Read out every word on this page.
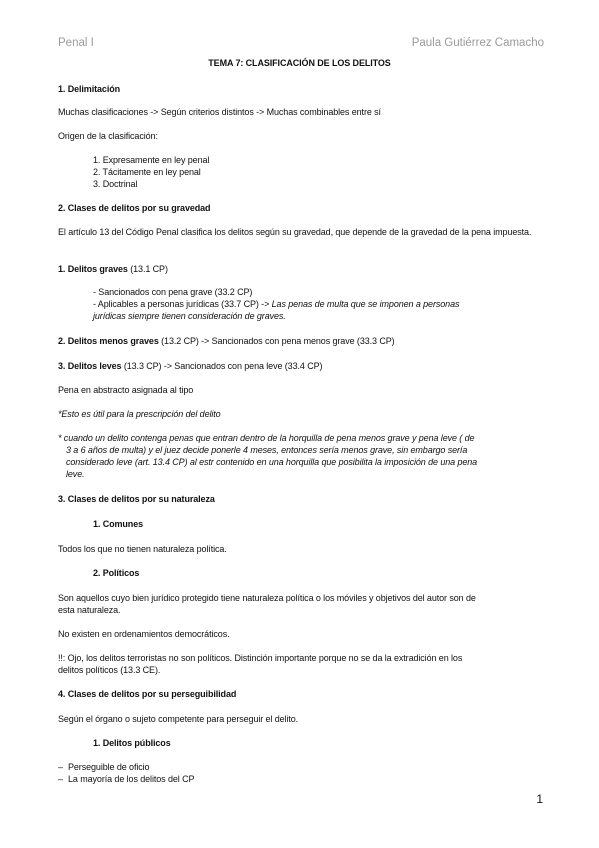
Penal I	Paula Gutiérrez Camacho
TEMA 7: CLASIFICACIÓN DE LOS DELITOS
1. Delimitación
Muchas clasificaciones -> Según criterios distintos -> Muchas combinables entre sí
Origen de la clasificación:
1. Expresamente en ley penal
2. Tácitamente en ley penal
3. Doctrinal
2. Clases de delitos por su gravedad
El artículo 13 del Código Penal clasifica los delitos según su gravedad, que depende de la gravedad de la pena impuesta.
1. Delitos graves (13.1 CP)
- Sancionados con pena grave (33.2 CP)
- Aplicables a personas jurídicas (33.7 CP) -> Las penas de multa que se imponen a personas
jurídicas siempre tienen consideración de graves.
2. Delitos menos graves (13.2 CP) -> Sancionados con pena menos grave (33.3 CP)
3. Delitos leves (13.3 CP) -> Sancionados con pena leve (33.4 CP)
Pena en abstracto asignada al tipo
*Esto es útil para la prescripción del delito
* cuando un delito contenga penas que entran dentro de la horquilla de pena menos grave y pena leve ( de
3 a 6 años de multa) y el juez decide ponerle 4 meses, entonces sería menos grave, sin embargo sería
considerado leve (art. 13.4 CP) al estr contenido en una horquilla que posibilita la imposición de una pena
leve.
3. Clases de delitos por su naturaleza
1. Comunes
Todos los que no tienen naturaleza política.
2. Políticos
Son aquellos cuyo bien jurídico protegido tiene naturaleza política o los móviles y objetivos del autor son de
esta naturaleza.
No existen en ordenamientos democráticos.
!!: Ojo, los delitos terroristas no son políticos. Distinción importante porque no se da la extradición en los
delitos políticos (13.3 CE).
4. Clases de delitos por su perseguibilidad
Según el órgano o sujeto competente para perseguir el delito.
1. Delitos públicos
– Perseguible de oficio
– La mayoría de los delitos del CP
1
